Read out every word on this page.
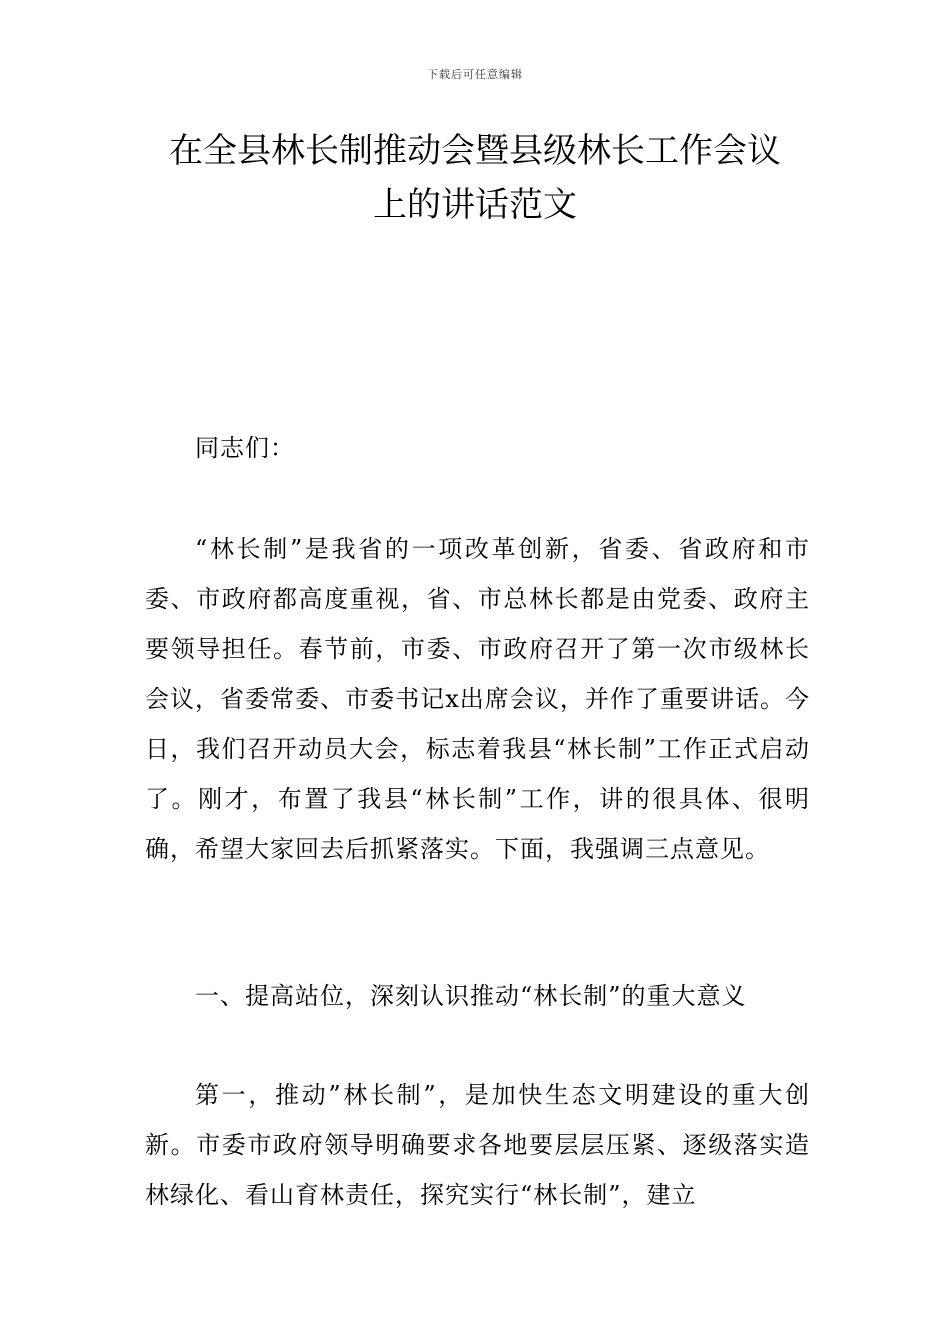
下载后可任意编辑
在全县林长制推动会暨县级林长工作会议
上的讲话范文
同志们：

“林长制”是我省的一项改革创新，省委、省政府和市委、市政府都高度重视，省、市总林长都是由党委、政府主要领导担任。春节前，市委、市政府召开了第一次市级林长会议，省委常委、市委书记x出席会议，并作了重要讲话。今日，我们召开动员大会，标志着我县“林长制”工作正式启动了。刚才，布置了我县“林长制”工作，讲的很具体、很明确，希望大家回去后抓紧落实。下面，我强调三点意见。

一、提高站位，深刻认识推动“林长制”的重大意义

第一，推动”林长制”，是加快生态文明建设的重大创新。市委市政府领导明确要求各地要层层压紧、逐级落实造林绿化、看山育林责任，探究实行“林长制”，建立
